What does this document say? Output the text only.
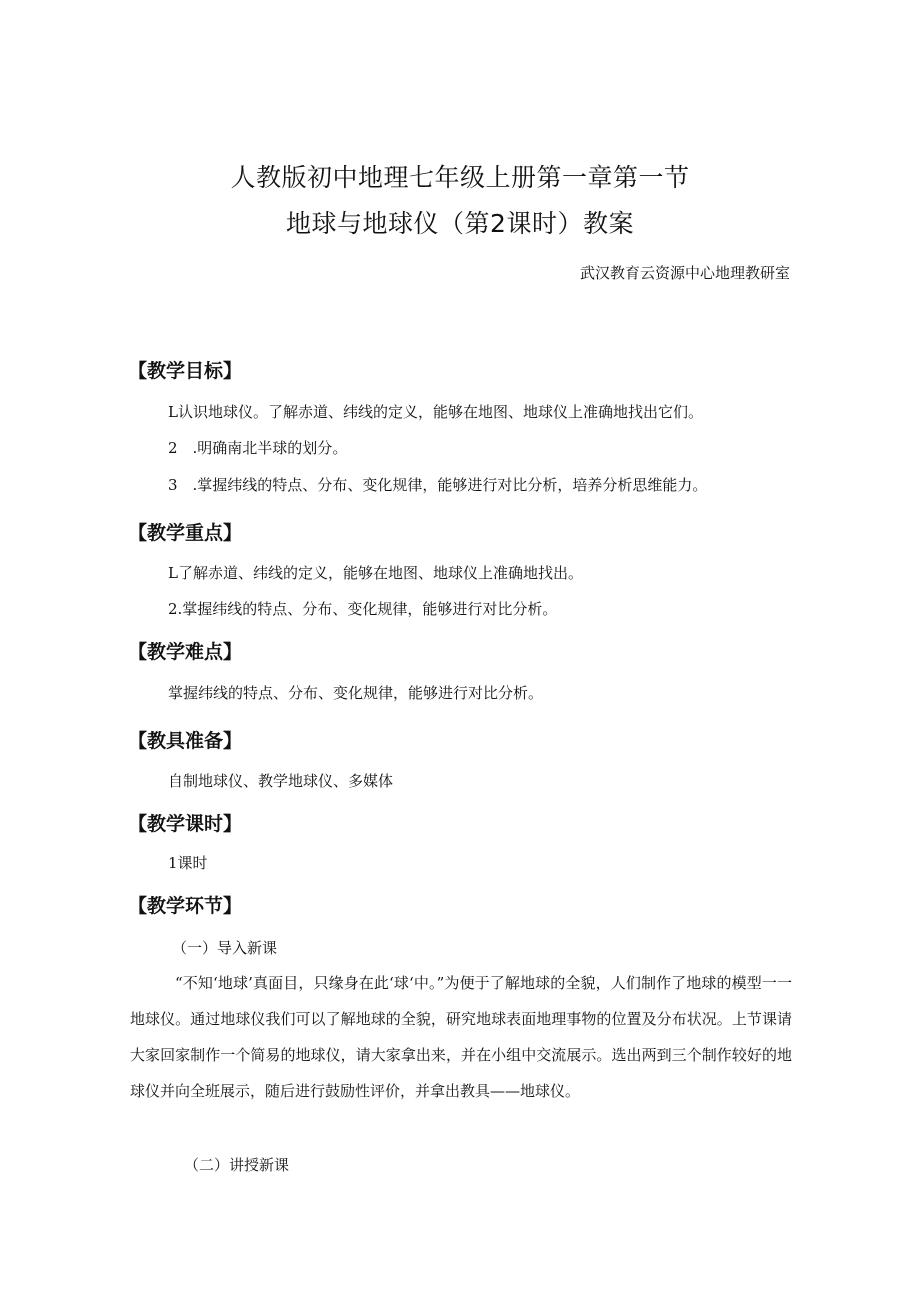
人教版初中地理七年级上册第一章第一节
地球与地球仪（第2课时）教案
武汉教育云资源中心地理教研室
【教学目标】
L认识地球仪。了解赤道、纬线的定义，能够在地图、地球仪上准确地找出它们。
2　.明确南北半球的划分。
3　.掌握纬线的特点、分布、变化规律，能够进行对比分析，培养分析思维能力。
【教学重点】
L了解赤道、纬线的定义，能够在地图、地球仪上准确地找出。
2.掌握纬线的特点、分布、变化规律，能够进行对比分析。
【教学难点】
掌握纬线的特点、分布、变化规律，能够进行对比分析。
【教具准备】
自制地球仪、教学地球仪、多媒体
【教学课时】
1课时
【教学环节】
（一）导入新课

“不知‘地球’真面目，只缘身在此‘球‘中。”为便于了解地球的全貌，人们制作了地球的模型一一地球仪。通过地球仪我们可以了解地球的全貌，研究地球表面地理事物的位置及分布状况。上节课请大家回家制作一个简易的地球仪，请大家拿出来，并在小组中交流展示。选出两到三个制作较好的地球仪并向全班展示，随后进行鼓励性评价，并拿出教具——地球仪。

（二）讲授新课
